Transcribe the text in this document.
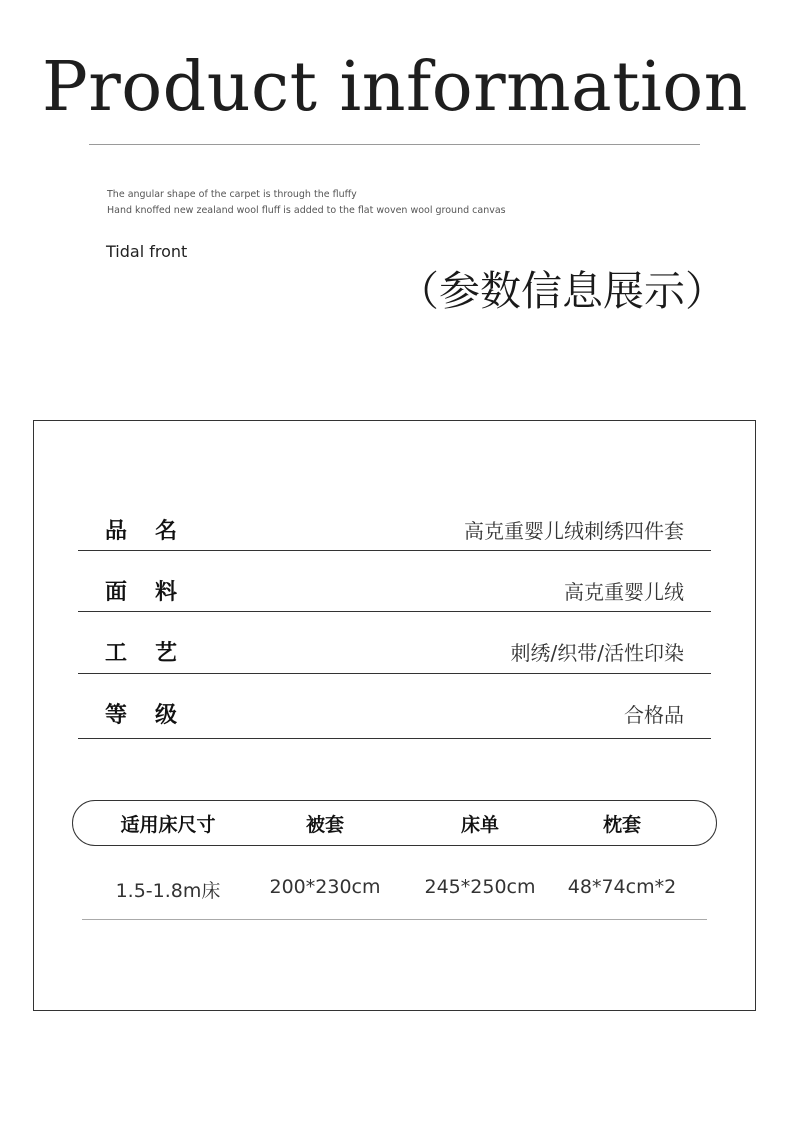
Product information
The angular shape of the carpet is through the fluffy
Hand knoffed new zealand wool fluff is added to the flat woven wool ground canvas
Tidal front
（参数信息展示）
品 名	高克重婴儿绒刺绣四件套
面 料	高克重婴儿绒
工 艺	刺绣/织带/活性印染
等 级	合格品
适用床尺寸	被套	床单	枕套
1.5-1.8m床	200*230cm	245*250cm	48*74cm*2
